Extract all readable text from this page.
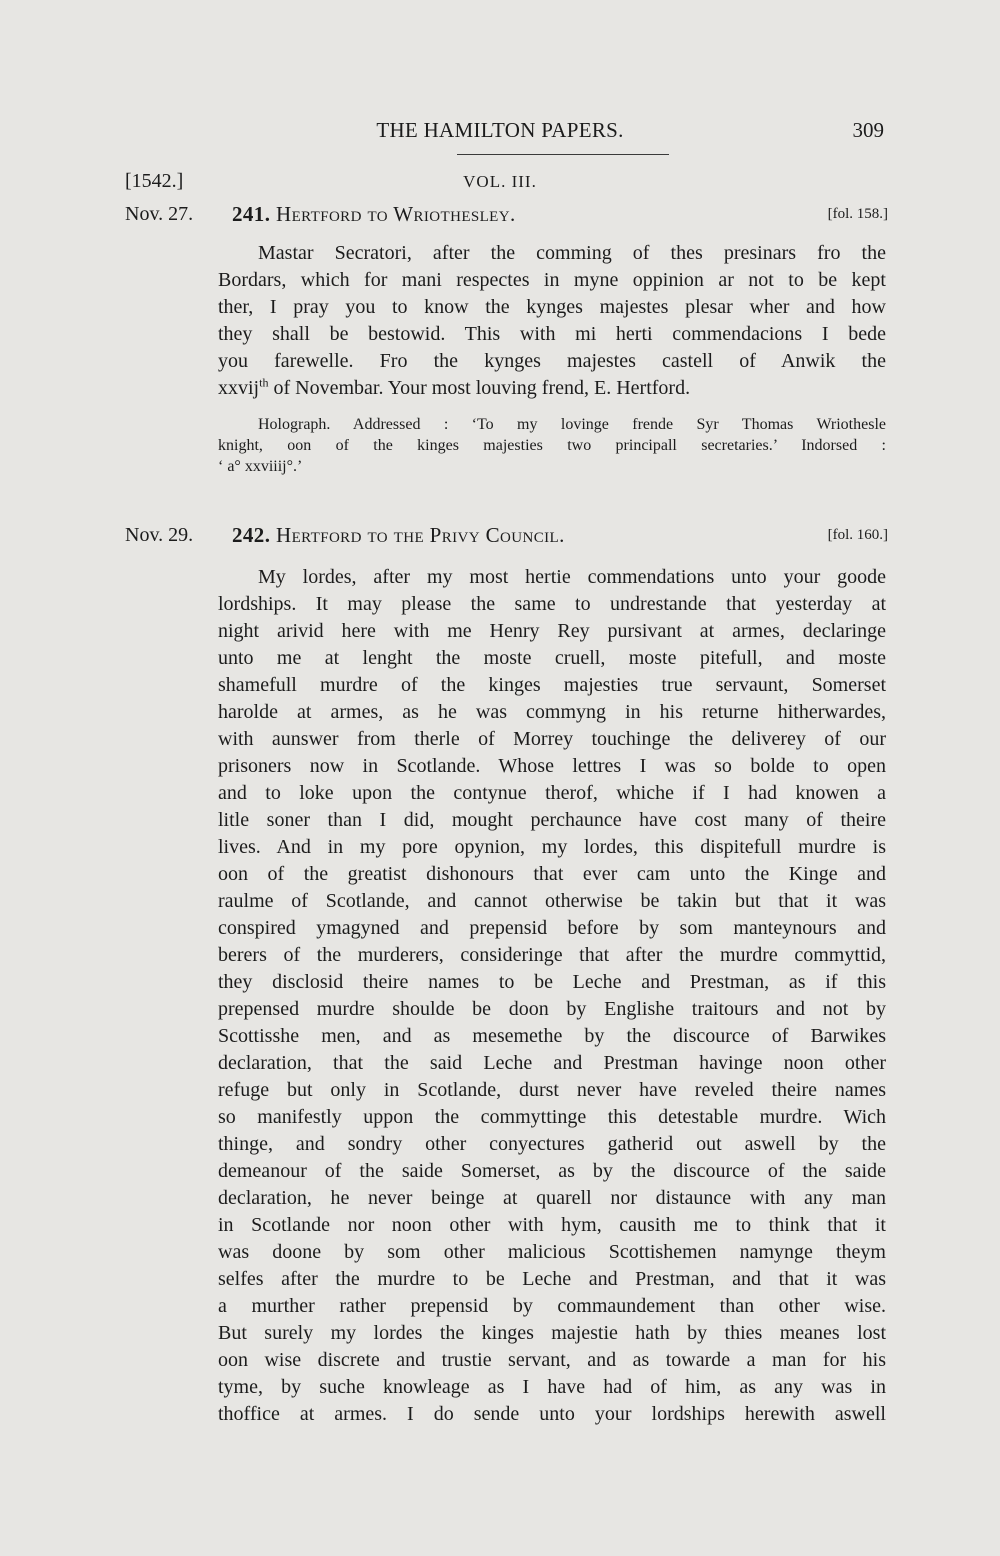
THE HAMILTON PAPERS.	309
[1542.]	VOL. III.
Nov. 27. 241. Hertford to Wriothesley.	[fol. 158.]
Mastar Secratori, after the comming of thes presinars fro the
Bordars, which for mani respectes in myne oppinion ar not to be kept
ther, I pray you to know the kynges majestes plesar wher and how
they shall be bestowid. This with mi herti commendacions I bede
you farewelle. Fro the kynges majestes castell of Anwik the
xxvij$^{th}$ of Novembar. Your most louving frend, E. Hertford.
Holograph. Addressed : ‘To my lovinge frende Syr Thomas Wriothesle
knight, oon of the kinges majesties two principall secretaries.’ Indorsed :
‘ a° xxviiij°.’
Nov. 29. 242. Hertford to the Privy Council.	[fol. 160.]
My lordes, after my most hertie commendations unto your goode
lordships. It may please the same to undrestande that yesterday at
night arivid here with me Henry Rey pursivant at armes, declaringe
unto me at lenght the moste cruell, moste pitefull, and moste
shamefull murdre of the kinges majesties true servaunt, Somerset
harolde at armes, as he was commyng in his returne hitherwardes,
with aunswer from therle of Morrey touchinge the deliverey of our
prisoners now in Scotlande. Whose lettres I was so bolde to open
and to loke upon the contynue therof, whiche if I had knowen a
litle soner than I did, mought perchaunce have cost many of theire
lives. And in my pore opynion, my lordes, this dispitefull murdre is
oon of the greatist dishonours that ever cam unto the Kinge and
raulme of Scotlande, and cannot otherwise be takin but that it was
conspired ymagyned and prepensid before by som manteynours and
berers of the murderers, consideringe that after the murdre commyttid,
they disclosid theire names to be Leche and Prestman, as if this
prepensed murdre shoulde be doon by Englishe traitours and not by
Scottisshe men, and as mesemethe by the discource of Barwikes
declaration, that the said Leche and Prestman havinge noon other
refuge but only in Scotlande, durst never have reveled theire names
so manifestly uppon the commyttinge this detestable murdre. Wich
thinge, and sondry other conyectures gatherid out aswell by the
demeanour of the saide Somerset, as by the discource of the saide
declaration, he never beinge at quarell nor distaunce with any man
in Scotlande nor noon other with hym, causith me to think that it
was doone by som other malicious Scottishemen namynge theym
selfes after the murdre to be Leche and Prestman, and that it was
a murther rather prepensid by commaundement than other wise.
But surely my lordes the kinges majestie hath by thies meanes lost
oon wise discrete and trustie servant, and as towarde a man for his
tyme, by suche knowleage as I have had of him, as any was in
thoffice at armes. I do sende unto your lordships herewith aswell
